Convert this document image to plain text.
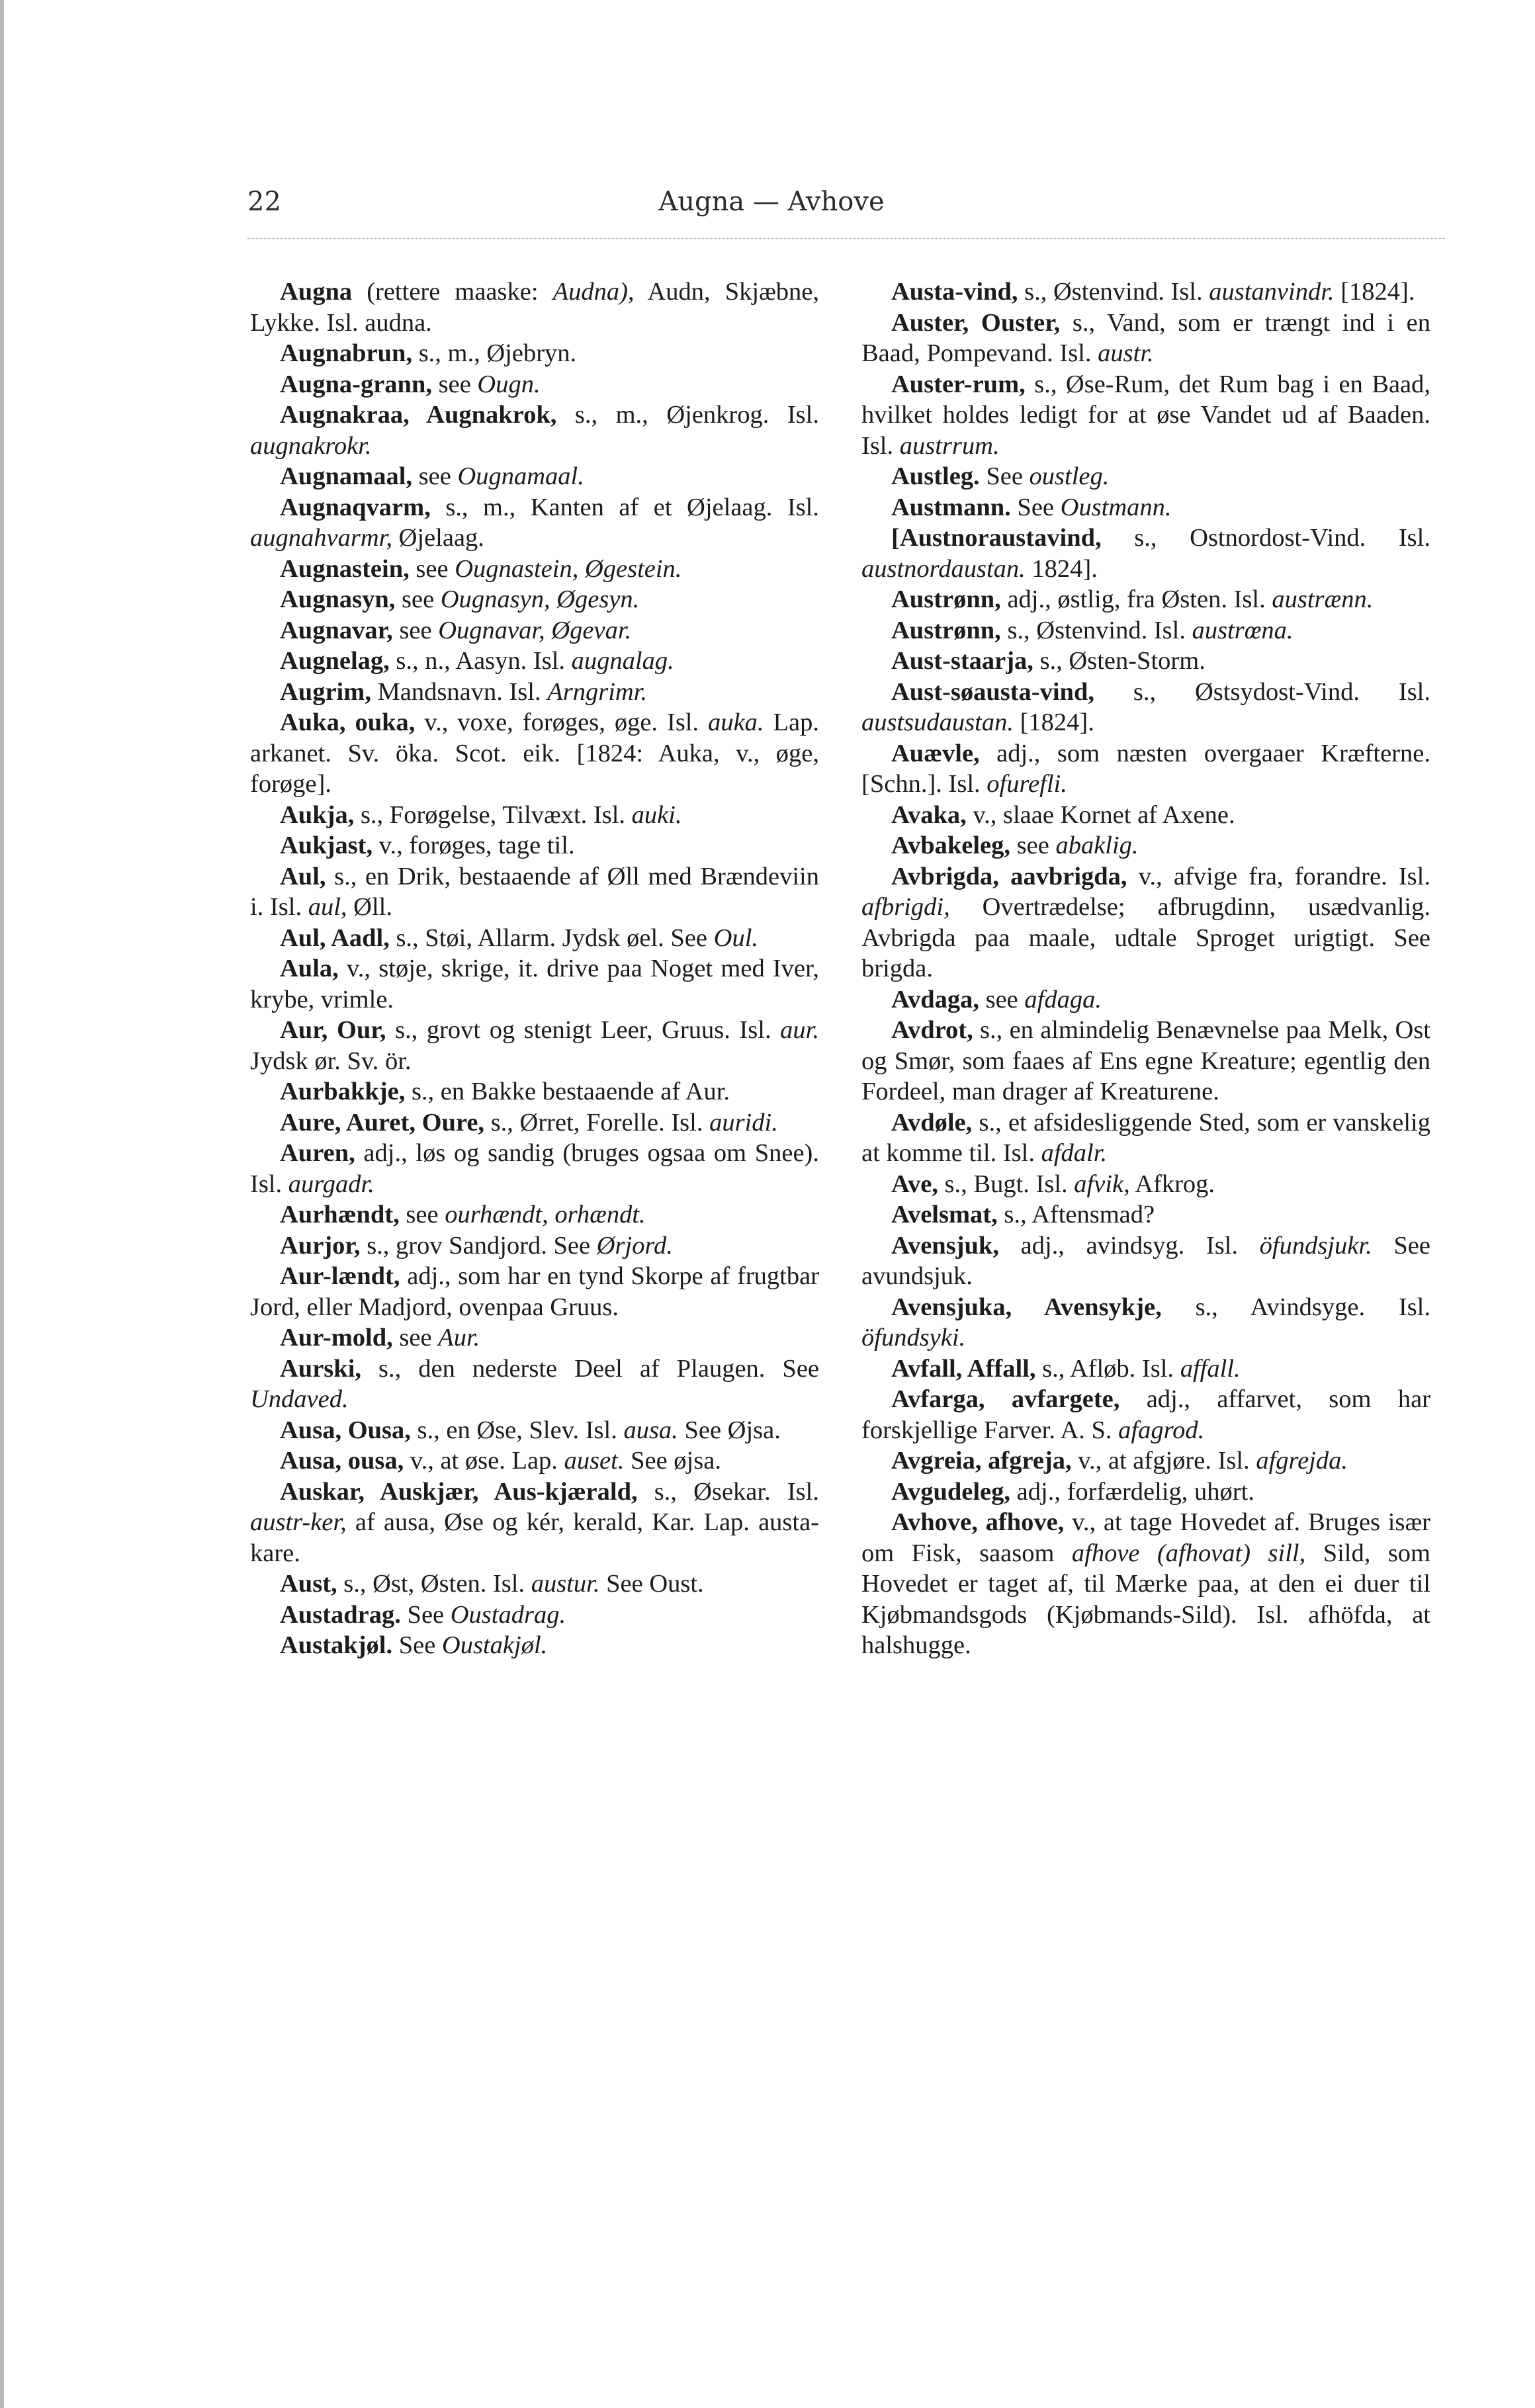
22	Augna — Avhove

Augna (rettere maaske: Audna), Audn, Skjæbne, Lykke. Isl. audna.

Augnabrun, s., m., Øjebryn.

Augna-grann, see Ougn.

Augnakraa, Augnakrok, s., m., Øjenkrog. Isl. augnakrokr.

Augnamaal, see Ougnamaal.

Augnaqvarm, s., m., Kanten af et Øjelaag. Isl. augnahvarmr, Øjelaag.

Augnastein, see Ougnastein, Øgestein.

Augnasyn, see Ougnasyn, Øgesyn.

Augnavar, see Ougnavar, Øgevar.

Augnelag, s., n., Aasyn. Isl. augnalag.

Augrim, Mandsnavn. Isl. Arngrimr.

Auka, ouka, v., voxe, forøges, øge. Isl. auka. Lap. arkanet. Sv. öka. Scot. eik. [1824: Auka, v., øge, forøge].

Aukja, s., Forøgelse, Tilvæxt. Isl. auki.

Aukjast, v., forøges, tage til.

Aul, s., en Drik, bestaaende af Øll med Brændeviin i. Isl. aul, Øll.

Aul, Aadl, s., Støi, Allarm. Jydsk øel. See Oul.

Aula, v., støje, skrige, it. drive paa Noget med Iver, krybe, vrimle.

Aur, Our, s., grovt og stenigt Leer, Gruus. Isl. aur. Jydsk ør. Sv. ör.

Aurbakkje, s., en Bakke bestaaende af Aur.

Aure, Auret, Oure, s., Ørret, Forelle. Isl. auridi.

Auren, adj., løs og sandig (bruges ogsaa om Snee). Isl. aurgadr.

Aurhændt, see ourhændt, orhændt.

Aurjor, s., grov Sandjord. See Ørjord.

Aur-lændt, adj., som har en tynd Skorpe af frugtbar Jord, eller Madjord, ovenpaa Gruus.

Aur-mold, see Aur.

Aurski, s., den nederste Deel af Plaugen. See Undaved.

Ausa, Ousa, s., en Øse, Slev. Isl. ausa. See Øjsa.

Ausa, ousa, v., at øse. Lap. auset. See øjsa.

Auskar, Auskjær, Aus-kjærald, s., Øsekar. Isl. austr-ker, af ausa, Øse og kér, kerald, Kar. Lap. austa-kare.

Aust, s., Øst, Østen. Isl. austur. See Oust.

Austadrag. See Oustadrag.

Austakjøl. See Oustakjøl.

Austa-vind, s., Østenvind. Isl. austanvindr. [1824].

Auster, Ouster, s., Vand, som er trængt ind i en Baad, Pompevand. Isl. austr.

Auster-rum, s., Øse-Rum, det Rum bag i en Baad, hvilket holdes ledigt for at øse Vandet ud af Baaden. Isl. austrrum.

Austleg. See oustleg.

Austmann. See Oustmann.

[Austnoraustavind, s., Ostnordost-Vind. Isl. austnordaustan. 1824].

Austrønn, adj., østlig, fra Østen. Isl. austrænn.

Austrønn, s., Østenvind. Isl. austrœna.

Aust-staarja, s., Østen-Storm.

Aust-søausta-vind, s., Østsydost-Vind. Isl. austsudaustan. [1824].

Auævle, adj., som næsten overgaaer Kræfterne. [Schn.]. Isl. ofurefli.

Avaka, v., slaae Kornet af Axene.

Avbakeleg, see abaklig.

Avbrigda, aavbrigda, v., afvige fra, forandre. Isl. afbrigdi, Overtrædelse; afbrugdinn, usædvanlig. Avbrigda paa maale, udtale Sproget urigtigt. See brigda.

Avdaga, see afdaga.

Avdrot, s., en almindelig Benævnelse paa Melk, Ost og Smør, som faaes af Ens egne Kreature; egentlig den Fordeel, man drager af Kreaturene.

Avdøle, s., et afsidesliggende Sted, som er vanskelig at komme til. Isl. afdalr.

Ave, s., Bugt. Isl. afvik, Afkrog.

Avelsmat, s., Aftensmad?

Avensjuk, adj., avindsyg. Isl. öfundsjukr. See avundsjuk.

Avensjuka, Avensykje, s., Avindsyge. Isl. öfundsyki.

Avfall, Affall, s., Afløb. Isl. affall.

Avfarga, avfargete, adj., affarvet, som har forskjellige Farver. A. S. afagrod.

Avgreia, afgreja, v., at afgjøre. Isl. afgrejda.

Avgudeleg, adj., forfærdelig, uhørt.

Avhove, afhove, v., at tage Hovedet af. Bruges især om Fisk, saasom afhove (afhovat) sill, Sild, som Hovedet er taget af, til Mærke paa, at den ei duer til Kjøbmandsgods (Kjøbmands-Sild). Isl. afhöfda, at halshugge.
